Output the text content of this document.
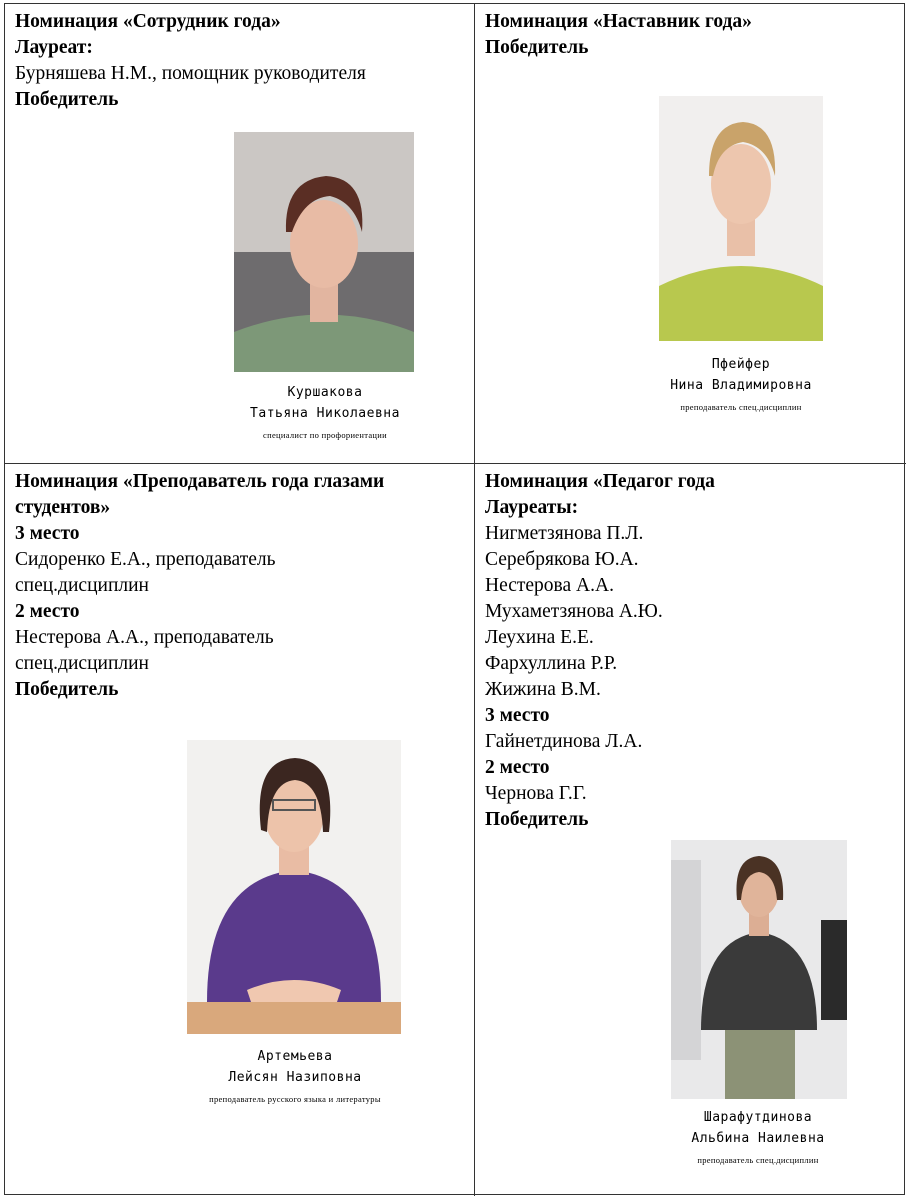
Номинация «Сотрудник года»
Лауреат:
Бурняшева Н.М., помощник руководителя
Победитель
Куршакова
Татьяна Николаевна
специалист по профориентации
Номинация «Наставник года»
Победитель
Пфейфер
Нина Владимировна
преподаватель спец.дисциплин
Номинация «Преподаватель года глазами
студентов»
3 место
Сидоренко Е.А., преподаватель
спец.дисциплин
2 место
Нестерова А.А., преподаватель
спец.дисциплин
Победитель
Артемьева
Лейсян Назиповна
преподаватель русского языка и литературы
Номинация «Педагог года
Лауреаты:
Нигметзянова П.Л.
Серебрякова Ю.А.
Нестерова А.А.
Мухаметзянова А.Ю.
Леухина Е.Е.
Фархуллина Р.Р.
Жижина В.М.
3 место
Гайнетдинова Л.А.
2 место
Чернова Г.Г.
Победитель
Шарафутдинова
Альбина Наилевна
преподаватель спец.дисциплин
